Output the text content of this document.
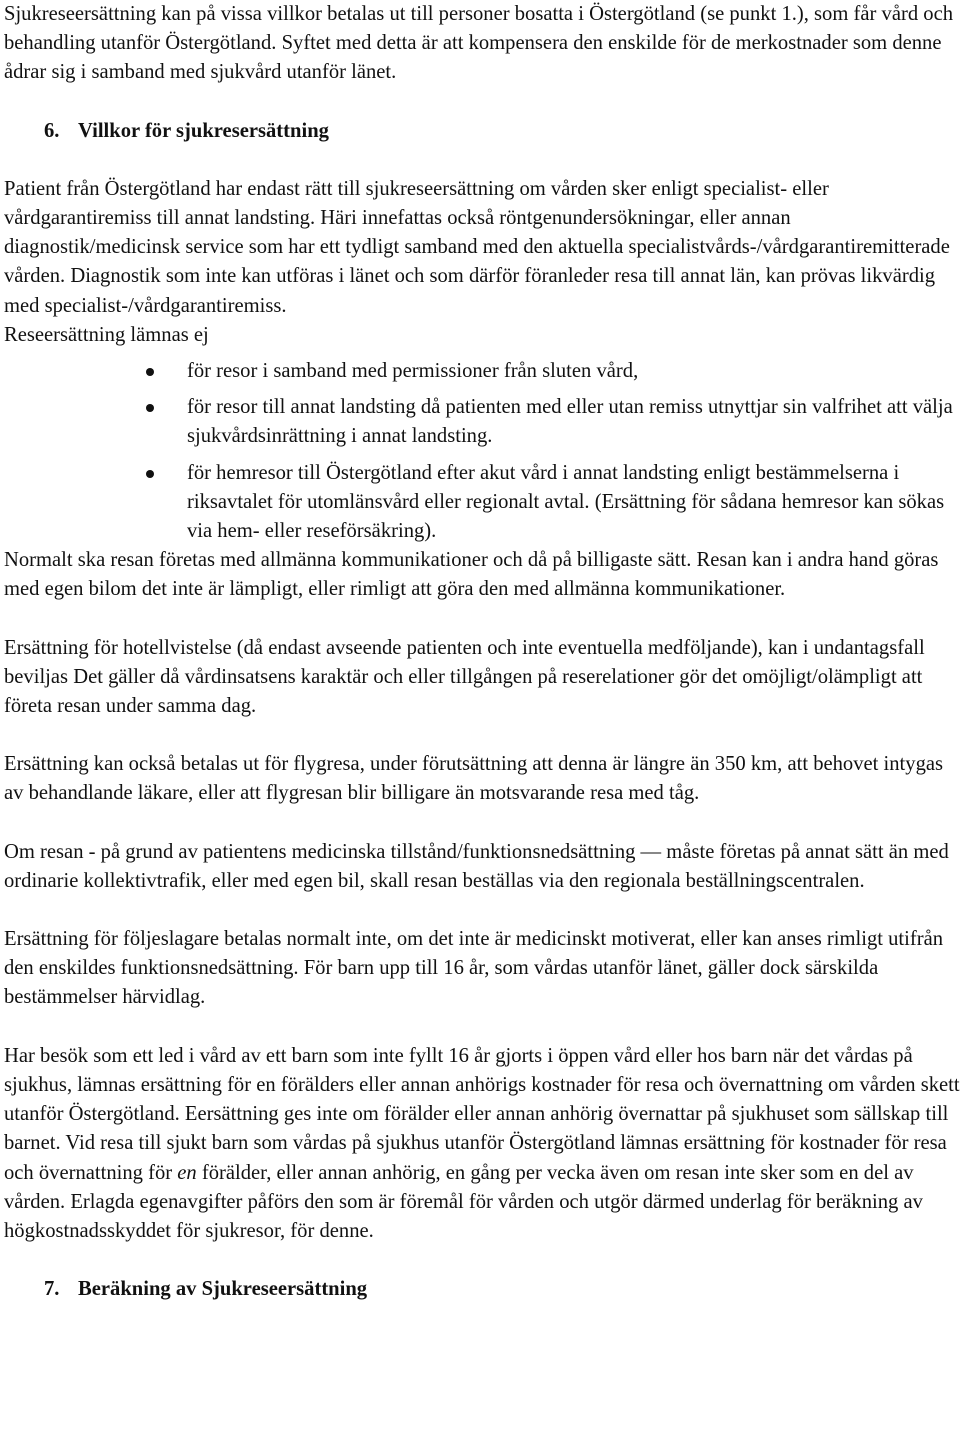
Sjukreseersättning kan på vissa villkor betalas ut till personer bosatta i Östergötland (se punkt 1.), som får vård och behandling utanför Östergötland. Syftet med detta är att kompensera den enskilde för de merkostnader som denne ådrar sig i samband med sjukvård utanför länet.

6. Villkor för sjukresersättning

Patient från Östergötland har endast rätt till sjukreseersättning om vården sker enligt specialist- eller vårdgarantiremiss till annat landsting. Häri innefattas också röntgenundersökningar, eller annan diagnostik/medicinsk service som har ett tydligt samband med den aktuella specialistvårds-/vårdgarantiremitterade vården. Diagnostik som inte kan utföras i länet och som därför föranleder resa till annat län, kan prövas likvärdig med specialist-/vårdgarantiremiss.

Reseersättning lämnas ej

för resor i samband med permissioner från sluten vård,
för resor till annat landsting då patienten med eller utan remiss utnyttjar sin valfrihet att välja sjukvårdsinrättning i annat landsting.
för hemresor till Östergötland efter akut vård i annat landsting enligt bestämmelserna i riksavtalet för utomlänsvård eller regionalt avtal. (Ersättning för sådana hemresor kan sökas via hem- eller reseförsäkring).

Normalt ska resan företas med allmänna kommunikationer och då på billigaste sätt. Resan kan i andra hand göras med egen bilom det inte är lämpligt, eller rimligt att göra den med allmänna kommunikationer.

Ersättning för hotellvistelse (då endast avseende patienten och inte eventuella medföljande), kan i undantagsfall beviljas Det gäller då vårdinsatsens karaktär och eller tillgången på reserelationer gör det omöjligt/olämpligt att företa resan under samma dag.

Ersättning kan också betalas ut för flygresa, under förutsättning att denna är längre än 350 km, att behovet intygas av behandlande läkare, eller att flygresan blir billigare än motsvarande resa med tåg.

Om resan - på grund av patientens medicinska tillstånd/funktionsnedsättning — måste företas på annat sätt än med ordinarie kollektivtrafik, eller med egen bil, skall resan beställas via den regionala beställningscentralen.

Ersättning för följeslagare betalas normalt inte, om det inte är medicinskt motiverat, eller kan anses rimligt utifrån den enskildes funktionsnedsättning. För barn upp till 16 år, som vårdas utanför länet, gäller dock särskilda bestämmelser härvidlag.

Har besök som ett led i vård av ett barn som inte fyllt 16 år gjorts i öppen vård eller hos barn när det vårdas på sjukhus, lämnas ersättning för en förälders eller annan anhörigs kostnader för resa och övernattning om vården skett utanför Östergötland. Eersättning ges inte om förälder eller annan anhörig övernattar på sjukhuset som sällskap till barnet. Vid resa till sjukt barn som vårdas på sjukhus utanför Östergötland lämnas ersättning för kostnader för resa och övernattning för en förälder, eller annan anhörig, en gång per vecka även om resan inte sker som en del av vården. Erlagda egenavgifter påförs den som är föremål för vården och utgör därmed underlag för beräkning av högkostnadsskyddet för sjukresor, för denne.

7. Beräkning av Sjukreseersättning
